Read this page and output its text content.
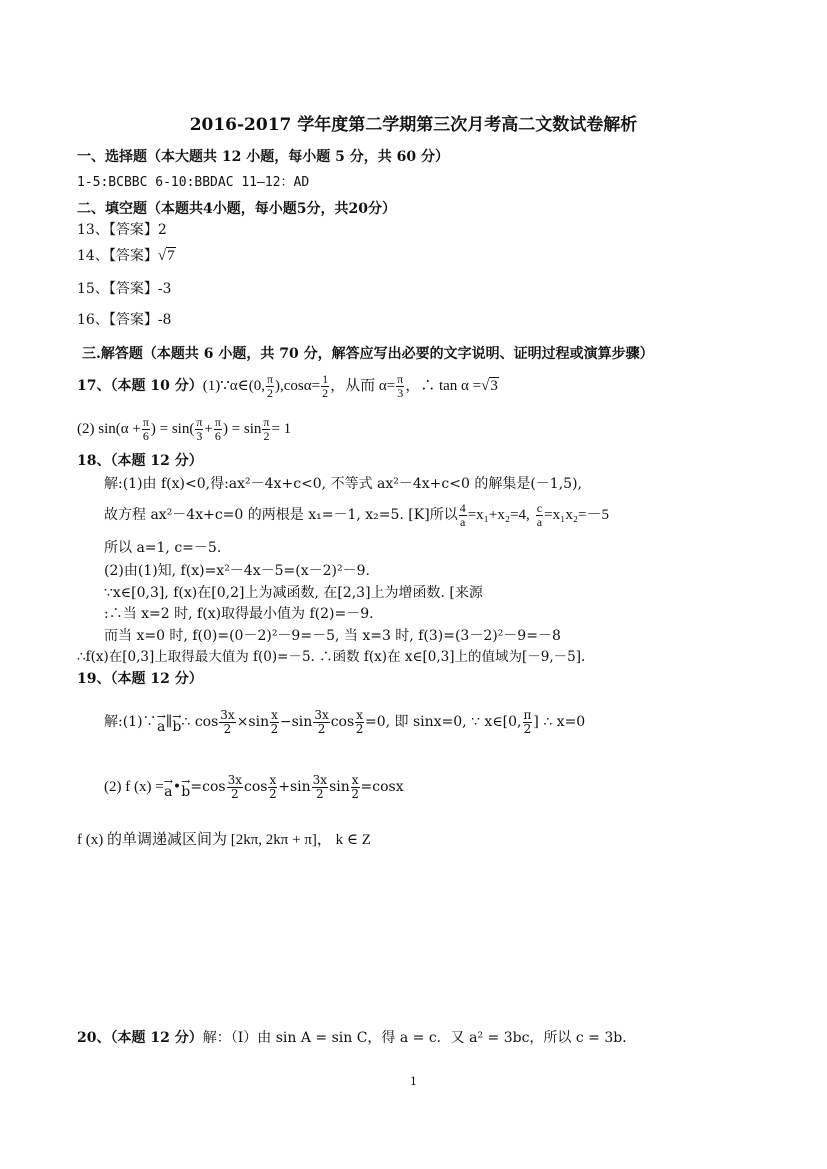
2016-2017 学年度第二学期第三次月考高二文数试卷解析
一、选择题（本大题共 12 小题，每小题 5 分，共 60 分）
1-5:BCBBC 6-10:BBDAC 11—12：AD
二、填空题（本题共4小题，每小题5分，共20分）
13、【答案】2
14、【答案】√7
15、【答案】-3
16、【答案】-8
三.解答题（本题共 6 小题，共 70 分，解答应写出必要的文字说明、证明过程或演算步骤）
17、（本题 10 分） (1)∵α∈(0, $\frac{\pi}{2} ),\cos\alpha= \frac{1}{2}$ ，从而 $\alpha= \frac{\pi}{3}$ ，∴ tan α = √3
(2) $\sin(\alpha + \frac{\pi}{6}$ ) = $\sin( \frac{\pi}{3} + \frac{\pi}{6}$ ) = $\sin \frac{\pi}{2} = 1$
18、（本题 12 分）
解:(1)由 f(x)<0,得:ax²－4x+c<0, 不等式 ax²－4x+c<0 的解集是(－1,5),
故方程 ax²－4x+c=0 的两根是 x₁=－1, x₂=5. [K]所以 $\frac{4}{a} =x_1+x_2=4$, $\frac{c}{a} =x_1x_2=-5$
所以 a=1, c=－5.
(2)由(1)知, f(x)=x²－4x－5=(x－2)²－9.
∵x∈[0,3], f(x)在[0,2]上为减函数, 在[2,3]上为增函数. [来源
:∴当 x=2 时, f(x)取得最小值为 f(2)=－9.
而当 x=0 时, f(0)=(0－2)²－9=－5, 当 x=3 时, f(3)=(3－2)²－9=－8
∴f(x)在[0,3]上取得最大值为 f(0)=－5. ∴函数 f(x)在 x∈[0,3]上的值域为[－9,－5].
19、（本题 12 分）
解:(1)∵ →
a ∥ →
b ∴ $\cos \frac{3x}{2} \times\sin \frac{x}{2} -\sin \frac{3x}{2}$ $\cos \frac{x}{2} =0$, 即 sinx=0, ∵ x∈[0, $\frac{\pi}{2}$ ] ∴ x=0
(2) f (x) = →
a • →
$b =\cos \frac{3x}{2}$ $\cos \frac{x}{2} +\sin \frac{3x}{2}$ $\sin \frac{x}{2} =\cos x$
f (x) 的单调递减区间为 [2kπ, 2kπ + π]， k ∈ Z
20、（本题 12 分） 解：（Ⅰ）由 sin A = sin C，得 a = c．又 a² = 3bc，所以 c = 3b．
1
